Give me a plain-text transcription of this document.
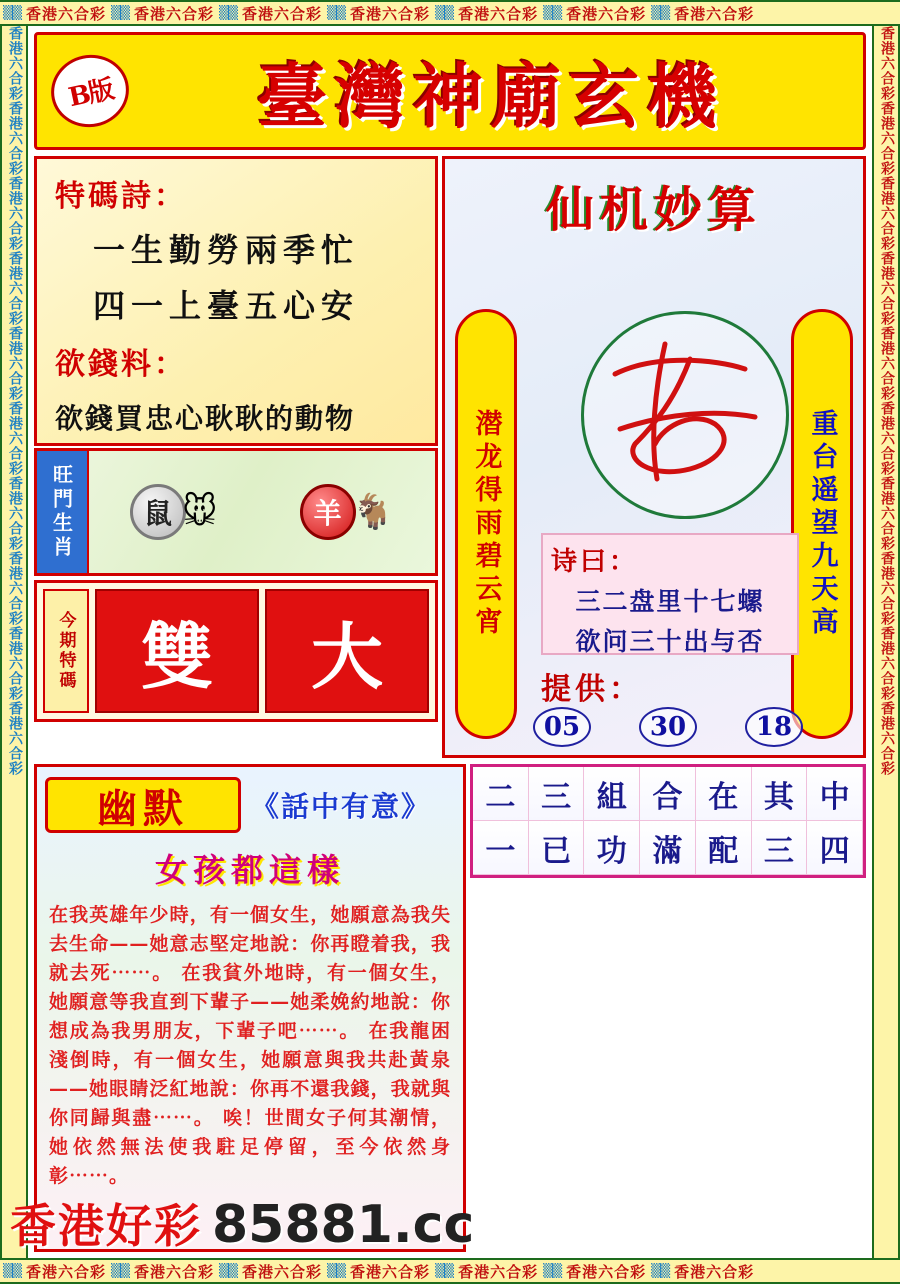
▒▒ 香港六合彩 ▒▒ 香港六合彩 ▒▒ 香港六合彩 ▒▒ 香港六合彩 ▒▒ 香港六合彩 ▒▒ 香港六合彩 ▒▒ 香港六合彩
▒▒ 香港六合彩 ▒▒ 香港六合彩 ▒▒ 香港六合彩 ▒▒ 香港六合彩 ▒▒ 香港六合彩 ▒▒ 香港六合彩 ▒▒ 香港六合彩
香港六合彩香港六合彩香港六合彩香港六合彩香港六合彩香港六合彩香港六合彩香港六合彩香港六合彩香港六合彩	香港六合彩香港六合彩香港六合彩香港六合彩香港六合彩香港六合彩香港六合彩香港六合彩香港六合彩香港六合彩
B版	臺灣神廟玄機
特碼詩：
一生勤勞兩季忙
四一上臺五心安
欲錢料：
欲錢買忠心耿耿的動物
旺門生肖	鼠 🐭	羊 🐐
今期特碼 雙	大
仙机妙算
潜龙得雨碧云宵	重台遥望九天高
诗曰：
三二盘里十七螺
欲问三十出与否
提供：
05	30	18
二 三 組 合 在 其 中
一 已 功 滿 配 三 四
幽默	《話中有意》
女孩都這樣
在我英雄年少時，有一個女生，她願意為我失去生命——她意志堅定地說：你再瞪着我，我就去死⋯⋯。 在我貧外地時，有一個女生，她願意等我直到下輩子——她柔娩約地說：你想成為我男朋友，下輩子吧⋯⋯。 在我龍困淺倒時，有一個女生，她願意與我共赴黃泉——她眼睛泛紅地說：你再不還我錢，我就與你同歸與盡⋯⋯。 唉！世間女子何其潮情，她依然無法使我駐足停留，至今依然身彰⋯⋯。
香港好彩 85881.cc
